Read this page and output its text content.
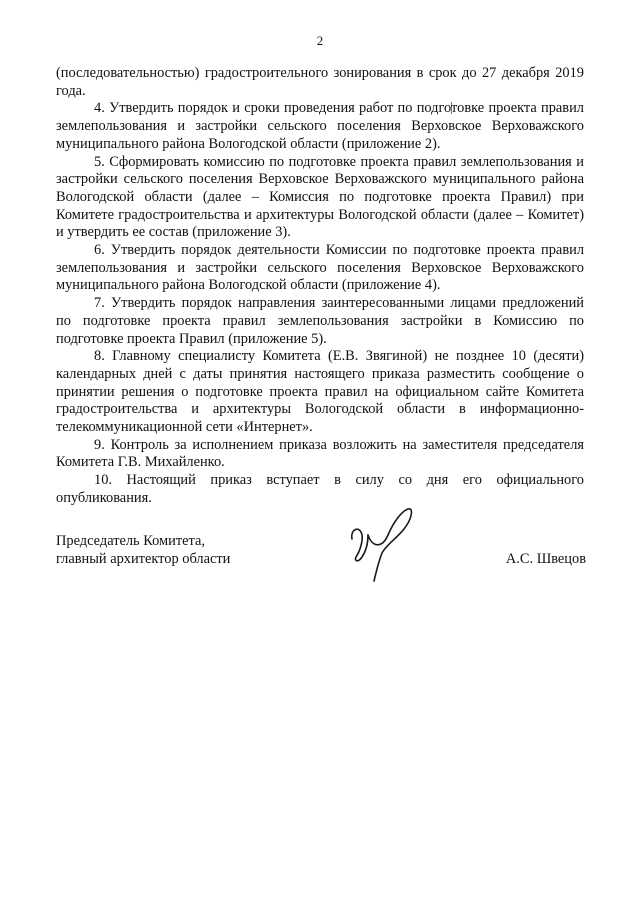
2

(последовательностью) градостроительного зонирования в срок до 27 декабря 2019 года.

4. Утвердить порядок и сроки проведения работ по подготовке проекта правил землепользования и застройки сельского поселения Верховское Верховажского муниципального района Вологодской области (приложение 2).

5. Сформировать комиссию по подготовке проекта правил землепользования и застройки сельского поселения Верховское Верховажского муниципального района Вологодской области (далее – Комиссия по подготовке проекта Правил) при Комитете градостроительства и архитектуры Вологодской области (далее – Комитет) и утвердить ее состав (приложение 3).

6. Утвердить порядок деятельности Комиссии по подготовке проекта правил землепользования и застройки сельского поселения Верховское Верховажского муниципального района Вологодской области (приложение 4).

7. Утвердить порядок направления заинтересованными лицами предложений по подготовке проекта правил землепользования застройки в Комиссию по подготовке проекта Правил (приложение 5).

8. Главному специалисту Комитета (Е.В. Звягиной) не позднее 10 (десяти) календарных дней с даты принятия настоящего приказа разместить сообщение о принятии решения о подготовке проекта правил на официальном сайте Комитета градостроительства и архитектуры Вологодской области в информационно-телекоммуникационной сети «Интернет».

9. Контроль за исполнением приказа возложить на заместителя председателя Комитета Г.В. Михайленко.

10. Настоящий приказ вступает в силу со дня его официального опубликования.

Председатель Комитета,
главный архитектор области	А.С. Швецов
